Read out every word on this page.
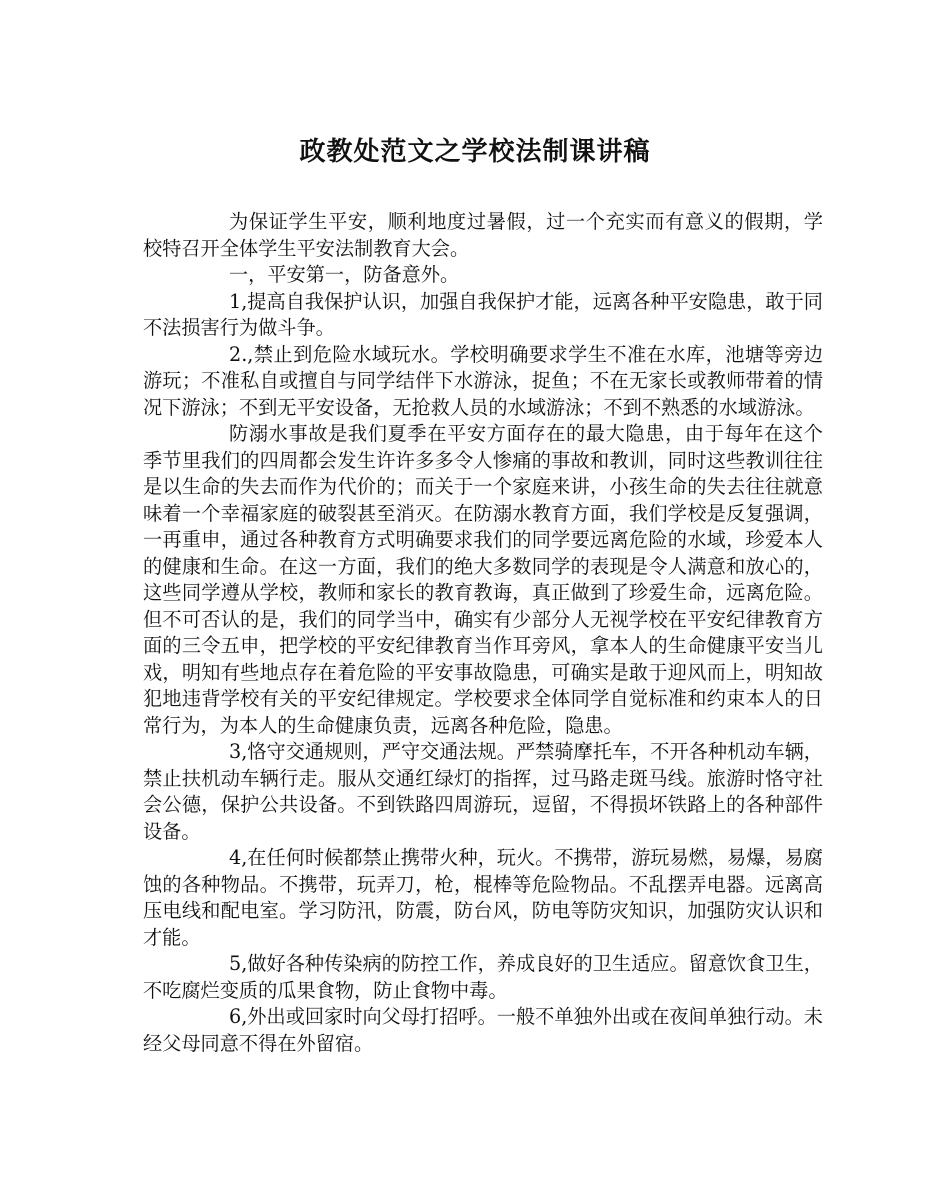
政教处范文之学校法制课讲稿

为保证学生平安，顺利地度过暑假，过一个充实而有意义的假期，学校特召开全体学生平安法制教育大会。

一，平安第一，防备意外。

1,提高自我保护认识，加强自我保护才能，远离各种平安隐患，敢于同不法损害行为做斗争。

2.,禁止到危险水域玩水。学校明确要求学生不准在水库，池塘等旁边游玩；不准私自或擅自与同学结伴下水游泳，捉鱼；不在无家长或教师带着的情况下游泳；不到无平安设备，无抢救人员的水域游泳；不到不熟悉的水域游泳。

防溺水事故是我们夏季在平安方面存在的最大隐患，由于每年在这个季节里我们的四周都会发生许许多多令人惨痛的事故和教训，同时这些教训往往是以生命的失去而作为代价的；而关于一个家庭来讲，小孩生命的失去往往就意味着一个幸福家庭的破裂甚至消灭。在防溺水教育方面，我们学校是反复强调，一再重申，通过各种教育方式明确要求我们的同学要远离危险的水域，珍爱本人的健康和生命。在这一方面，我们的绝大多数同学的表现是令人满意和放心的，这些同学遵从学校，教师和家长的教育教诲，真正做到了珍爱生命，远离危险。但不可否认的是，我们的同学当中，确实有少部分人无视学校在平安纪律教育方面的三令五申，把学校的平安纪律教育当作耳旁风，拿本人的生命健康平安当儿戏，明知有些地点存在着危险的平安事故隐患，可确实是敢于迎风而上，明知故犯地违背学校有关的平安纪律规定。学校要求全体同学自觉标准和约束本人的日常行为，为本人的生命健康负责，远离各种危险，隐患。

3,恪守交通规则，严守交通法规。严禁骑摩托车，不开各种机动车辆，禁止扶机动车辆行走。服从交通红绿灯的指挥，过马路走斑马线。旅游时恪守社会公德，保护公共设备。不到铁路四周游玩，逗留，不得损坏铁路上的各种部件设备。

4,在任何时候都禁止携带火种，玩火。不携带，游玩易燃，易爆，易腐蚀的各种物品。不携带，玩弄刀，枪，棍棒等危险物品。不乱摆弄电器。远离高压电线和配电室。学习防汛，防震，防台风，防电等防灾知识，加强防灾认识和才能。

5,做好各种传染病的防控工作，养成良好的卫生适应。留意饮食卫生，不吃腐烂变质的瓜果食物，防止食物中毒。

6,外出或回家时向父母打招呼。一般不单独外出或在夜间单独行动。未经父母同意不得在外留宿。
